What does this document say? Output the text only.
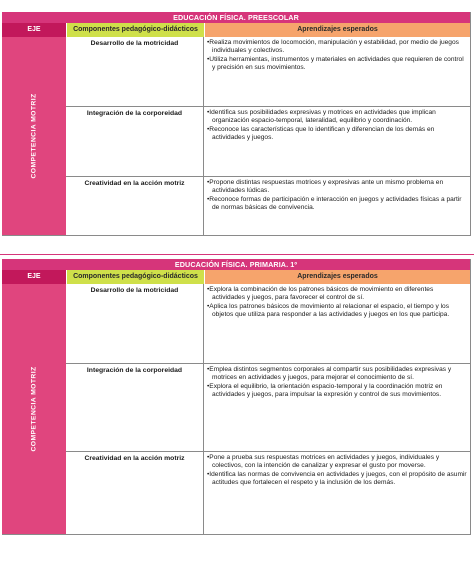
EDUCACIÓN FÍSICA. PREESCOLAR
EJE	Componentes pedagógico-didácticos	Aprendizajes esperados
COMPETENCIA MOTRIZ
Desarrollo de la motricidad	•Realiza movimientos de locomoción, manipulación y estabilidad, por medio de juegos individuales y colectivos.
•Utiliza herramientas, instrumentos y materiales en actividades que requieren de control y precisión en sus movimientos.
Integración de la corporeidad	•Identifica sus posibilidades expresivas y motrices en actividades que implican organización espacio-temporal, lateralidad, equilibrio y coordinación.
•Reconoce las características que lo identifican y diferencian de los demás en actividades y juegos.
Creatividad en la acción motriz	•Propone distintas respuestas motrices y expresivas ante un mismo problema en actividades lúdicas.
•Reconoce formas de participación e interacción en juegos y actividades físicas a partir de normas básicas de convivencia.
EDUCACIÓN FÍSICA. PRIMARIA. 1º
EJE	Componentes pedagógico-didácticos	Aprendizajes esperados
COMPETENCIA MOTRIZ
Desarrollo de la motricidad	•Explora la combinación de los patrones básicos de movimiento en diferentes actividades y juegos, para favorecer el control de sí.
•Aplica los patrones básicos de movimiento al relacionar el espacio, el tiempo y los objetos que utiliza para responder a las actividades y juegos en los que participa.
Integración de la corporeidad	•Emplea distintos segmentos corporales al compartir sus posibilidades expresivas y motrices en actividades y juegos, para mejorar el conocimiento de sí.
•Explora el equilibrio, la orientación espacio-temporal y la coordinación motriz en actividades y juegos, para impulsar la expresión y control de sus movimientos.
Creatividad en la acción motriz	•Pone a prueba sus respuestas motrices en actividades y juegos, individuales y colectivos, con la intención de canalizar y expresar el gusto por moverse.
•Identifica las normas de convivencia en actividades y juegos, con el propósito de asumir actitudes que fortalecen el respeto y la inclusión de los demás.
